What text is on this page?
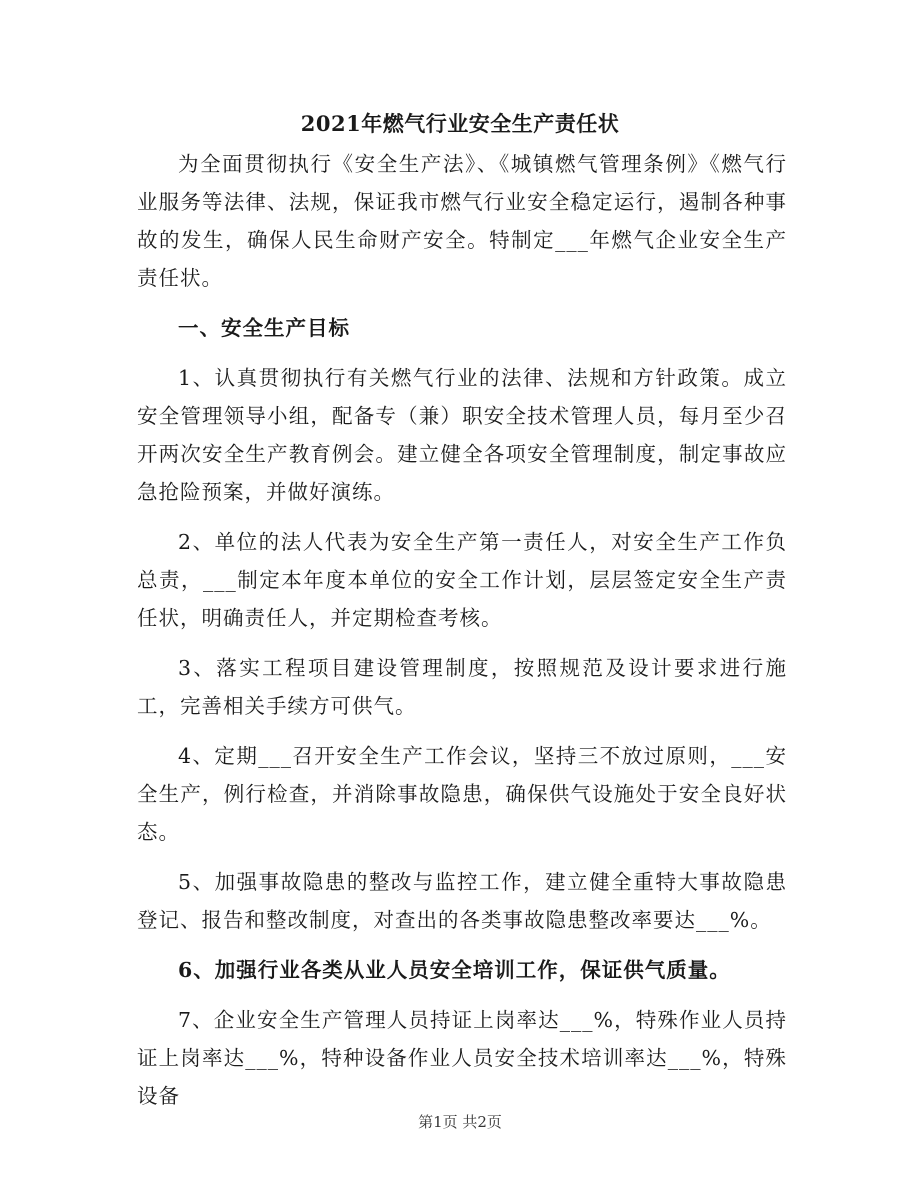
2021年燃气行业安全生产责任状

为全面贯彻执行《安全生产法》、《城镇燃气管理条例》《燃气行业服务等法律、法规，保证我市燃气行业安全稳定运行，遏制各种事故的发生，确保人民生命财产安全。特制定___年燃气企业安全生产责任状。

一、安全生产目标

1、认真贯彻执行有关燃气行业的法律、法规和方针政策。成立安全管理领导小组，配备专（兼）职安全技术管理人员，每月至少召开两次安全生产教育例会。建立健全各项安全管理制度，制定事故应急抢险预案，并做好演练。

2、单位的法人代表为安全生产第一责任人，对安全生产工作负总责，___制定本年度本单位的安全工作计划，层层签定安全生产责任状，明确责任人，并定期检查考核。

3、落实工程项目建设管理制度，按照规范及设计要求进行施工，完善相关手续方可供气。

4、定期___召开安全生产工作会议，坚持三不放过原则，___安全生产，例行检查，并消除事故隐患，确保供气设施处于安全良好状态。

5、加强事故隐患的整改与监控工作，建立健全重特大事故隐患登记、报告和整改制度，对查出的各类事故隐患整改率要达___%。

6、加强行业各类从业人员安全培训工作，保证供气质量。

7、企业安全生产管理人员持证上岗率达___%，特殊作业人员持证上岗率达___%，特种设备作业人员安全技术培训率达___%，特殊设备

第1页 共2页
